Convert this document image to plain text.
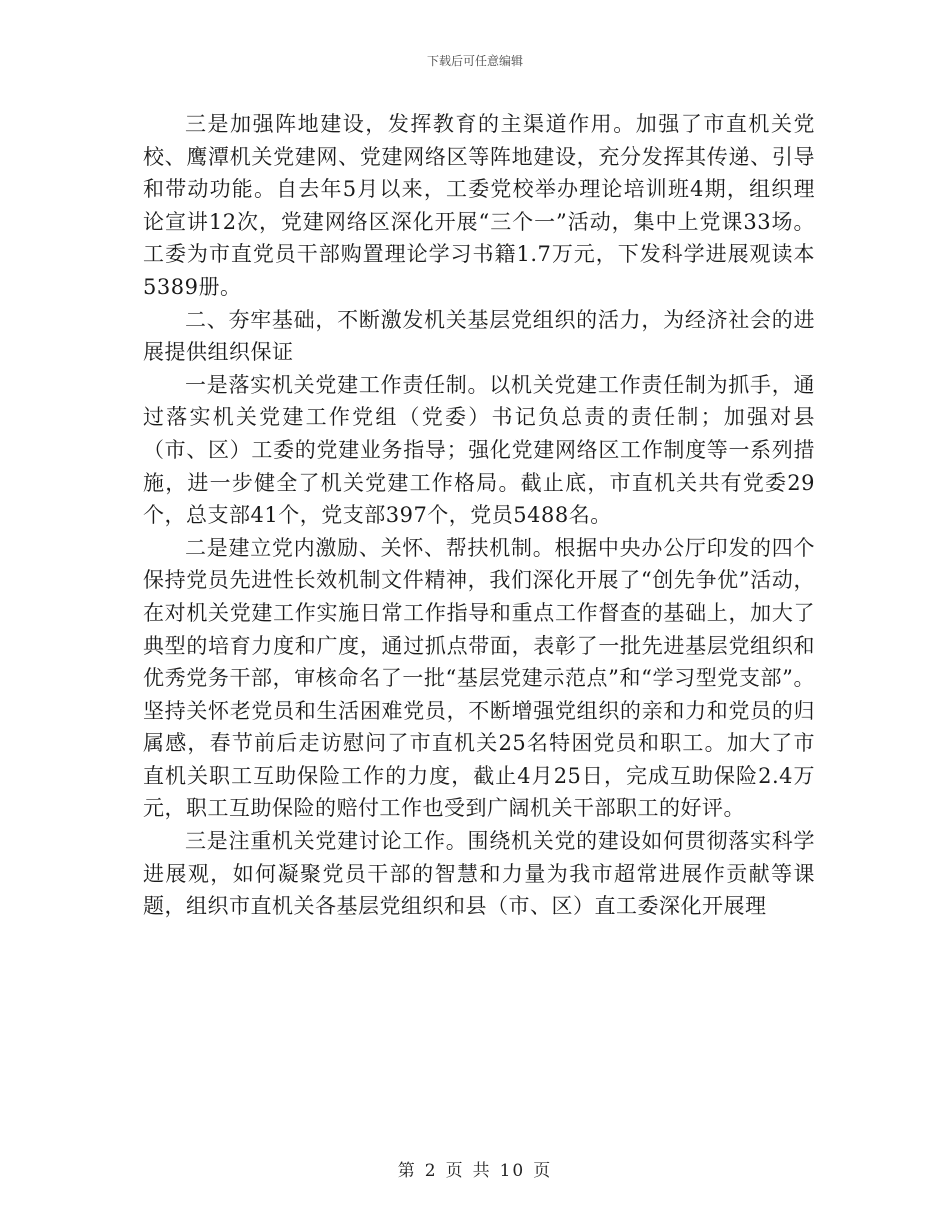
下载后可任意编辑

三是加强阵地建设，发挥教育的主渠道作用。加强了市直机关党校、鹰潭机关党建网、党建网络区等阵地建设，充分发挥其传递、引导和带动功能。自去年5月以来，工委党校举办理论培训班4期，组织理论宣讲12次，党建网络区深化开展“三个一”活动，集中上党课33场。工委为市直党员干部购置理论学习书籍1.7万元，下发科学进展观读本5389册。

二、夯牢基础，不断激发机关基层党组织的活力，为经济社会的进展提供组织保证

一是落实机关党建工作责任制。以机关党建工作责任制为抓手，通过落实机关党建工作党组（党委）书记负总责的责任制；加强对县（市、区）工委的党建业务指导；强化党建网络区工作制度等一系列措施，进一步健全了机关党建工作格局。截止底，市直机关共有党委29个，总支部41个，党支部397个，党员5488名。

二是建立党内激励、关怀、帮扶机制。根据中央办公厅印发的四个保持党员先进性长效机制文件精神，我们深化开展了“创先争优”活动，在对机关党建工作实施日常工作指导和重点工作督查的基础上，加大了典型的培育力度和广度，通过抓点带面，表彰了一批先进基层党组织和优秀党务干部，审核命名了一批“基层党建示范点”和“学习型党支部”。坚持关怀老党员和生活困难党员，不断增强党组织的亲和力和党员的归属感，春节前后走访慰问了市直机关25名特困党员和职工。加大了市直机关职工互助保险工作的力度，截止4月25日，完成互助保险2.4万元，职工互助保险的赔付工作也受到广阔机关干部职工的好评。

三是注重机关党建讨论工作。围绕机关党的建设如何贯彻落实科学进展观，如何凝聚党员干部的智慧和力量为我市超常进展作贡献等课题，组织市直机关各基层党组织和县（市、区）直工委深化开展理

第 2 页 共 10 页
